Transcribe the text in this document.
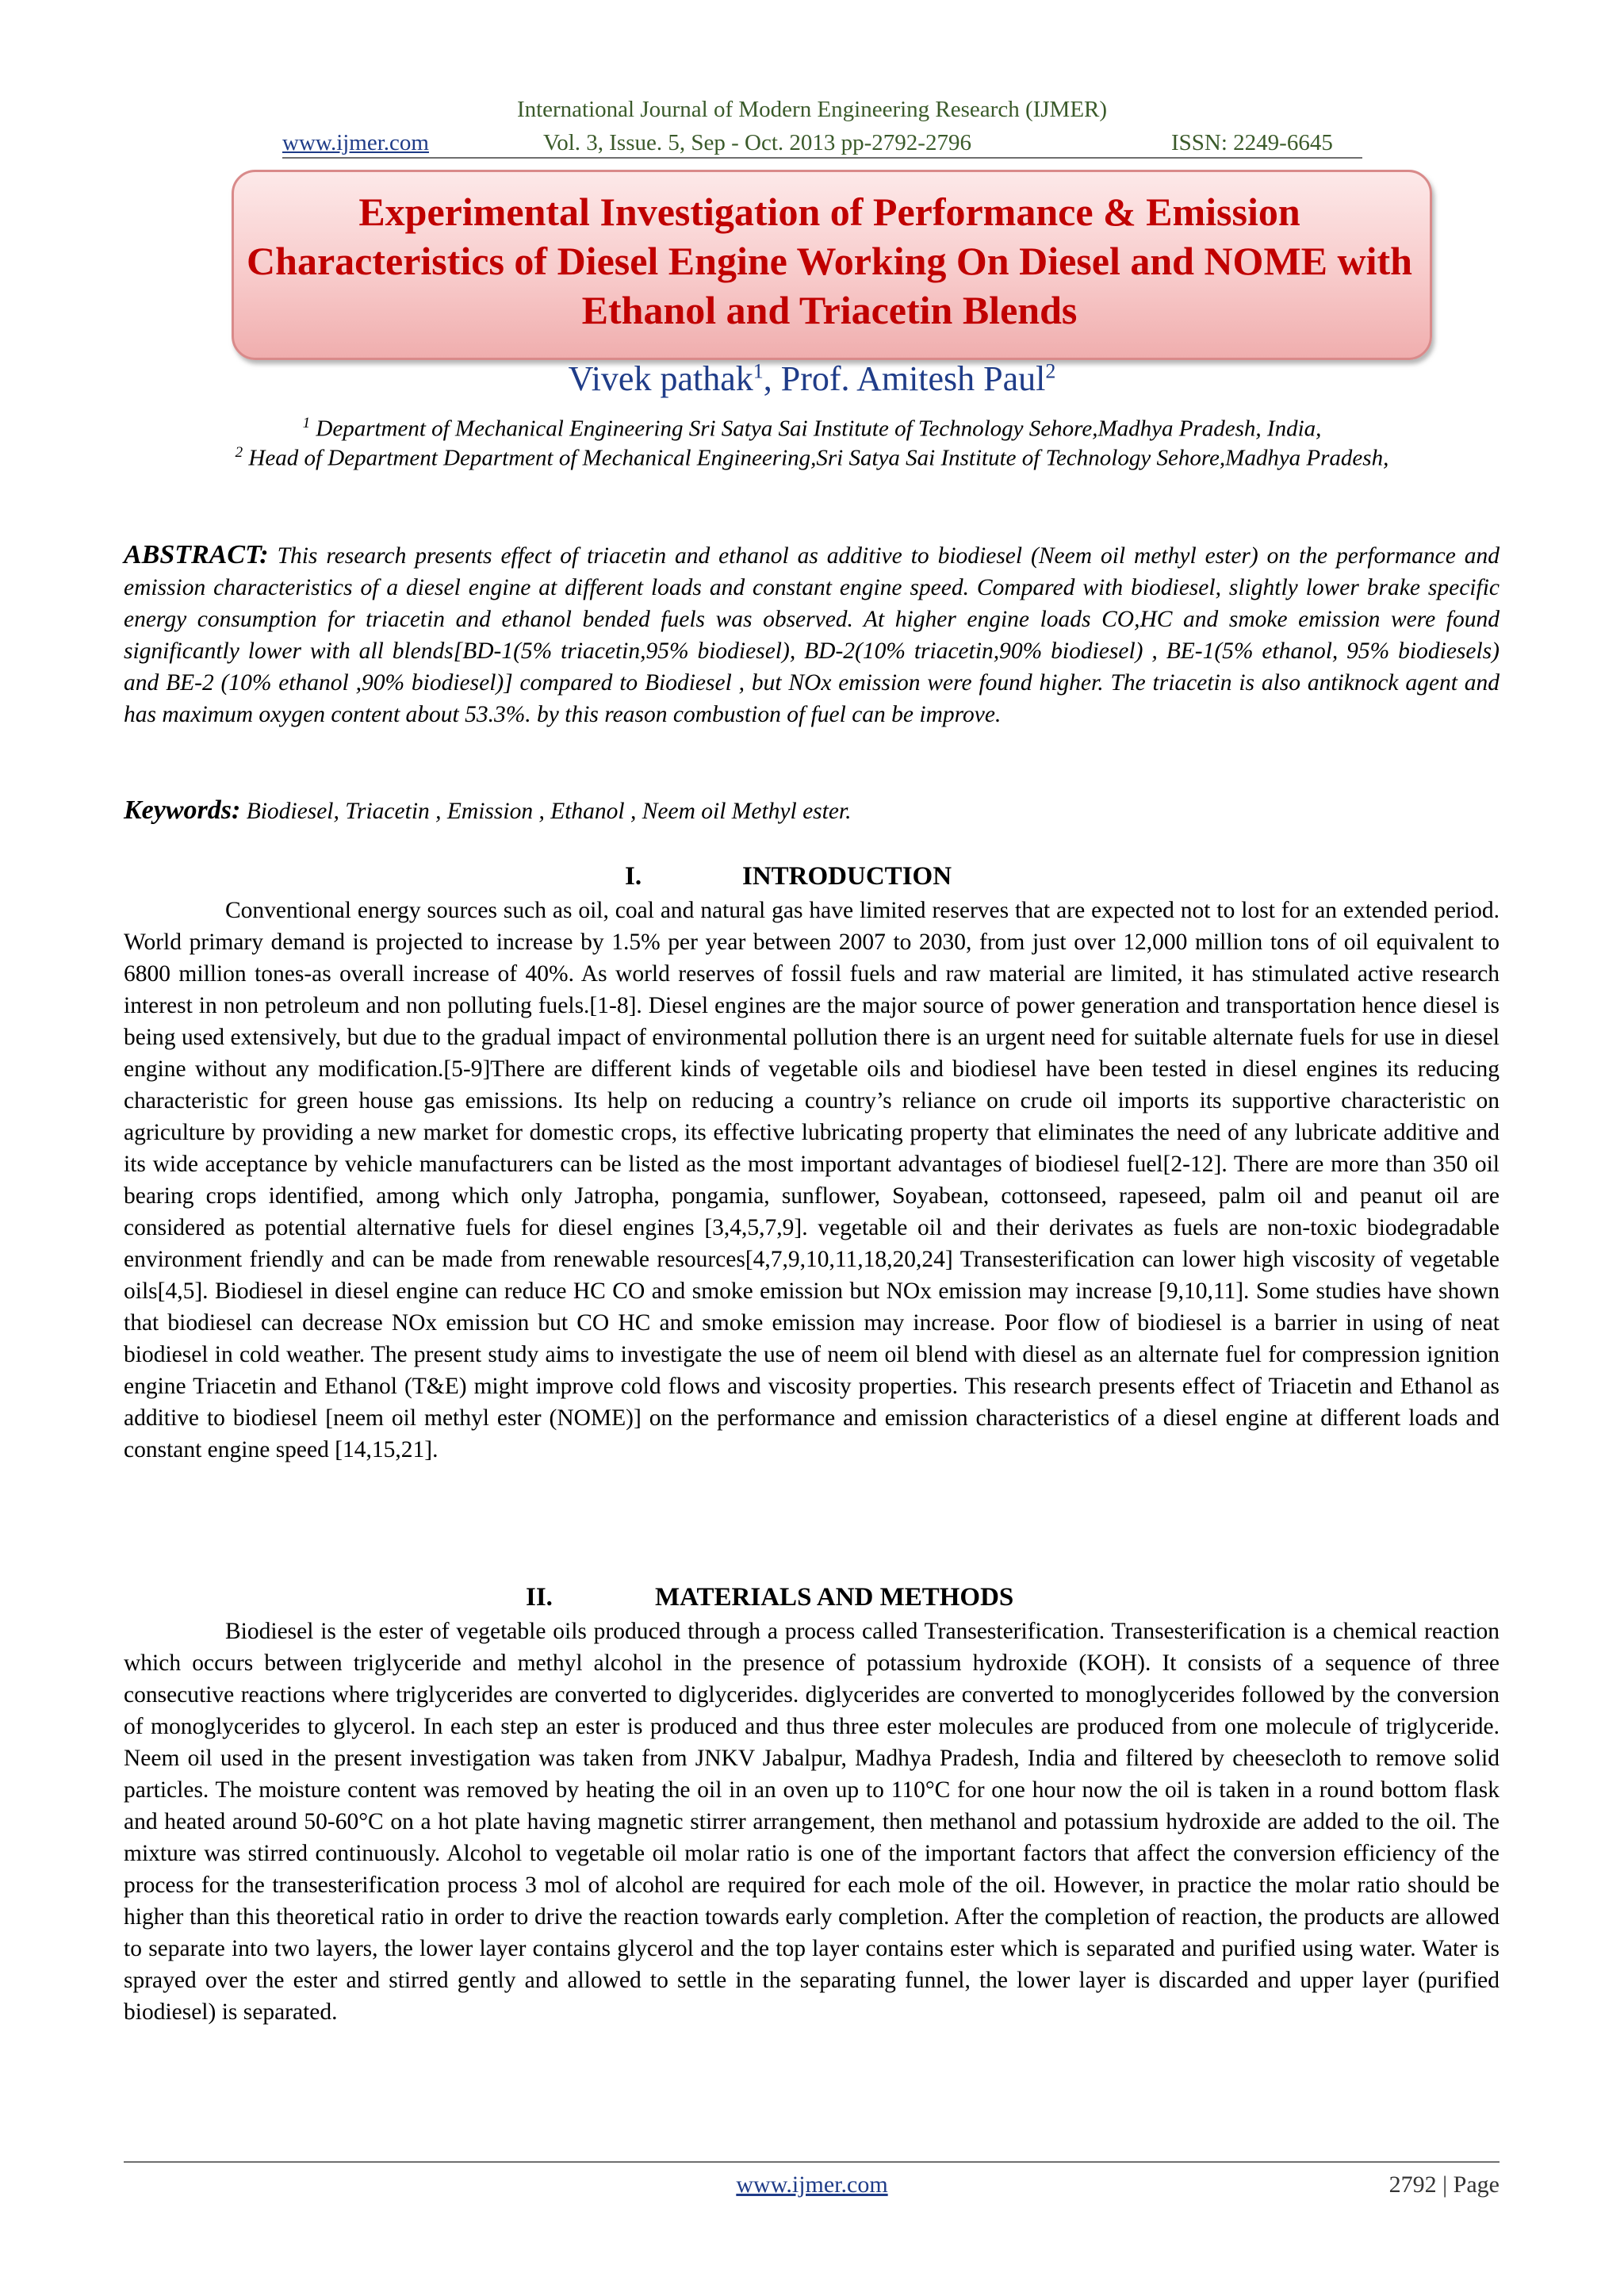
International Journal of Modern Engineering Research (IJMER)
www.ijmer.com	Vol. 3, Issue. 5, Sep - Oct. 2013 pp-2792-2796	ISSN: 2249-6645
Experimental Investigation of Performance & Emission Characteristics of Diesel Engine Working On Diesel and NOME with Ethanol and Triacetin Blends
Vivek pathak$^1$, Prof. Amitesh Paul$^2$
$^1$ Department of Mechanical Engineering Sri Satya Sai Institute of Technology Sehore,Madhya Pradesh, India,
$^2$ Head of Department Department of Mechanical Engineering,Sri Satya Sai Institute of Technology Sehore,Madhya Pradesh,
ABSTRACT: This research presents effect of triacetin and ethanol as additive to biodiesel (Neem oil methyl ester) on the performance and emission characteristics of a diesel engine at different loads and constant engine speed. Compared with biodiesel, slightly lower brake specific energy consumption for triacetin and ethanol bended fuels was observed. At higher engine loads CO,HC and smoke emission were found significantly lower with all blends[BD-1(5% triacetin,95% biodiesel), BD-2(10% triacetin,90% biodiesel) , BE-1(5% ethanol, 95% biodiesels) and BE-2 (10% ethanol ,90% biodiesel)] compared to Biodiesel , but NOx emission were found higher. The triacetin is also antiknock agent and has maximum oxygen content about 53.3%. by this reason combustion of fuel can be improve.
Keywords: Biodiesel, Triacetin , Emission , Ethanol , Neem oil Methyl ester.
I.	INTRODUCTION
Conventional energy sources such as oil, coal and natural gas have limited reserves that are expected not to lost for an extended period. World primary demand is projected to increase by 1.5% per year between 2007 to 2030, from just over 12,000 million tons of oil equivalent to 6800 million tones-as overall increase of 40%. As world reserves of fossil fuels and raw material are limited, it has stimulated active research interest in non petroleum and non polluting fuels.[1-8]. Diesel engines are the major source of power generation and transportation hence diesel is being used extensively, but due to the gradual impact of environmental pollution there is an urgent need for suitable alternate fuels for use in diesel engine without any modification.[5-9]There are different kinds of vegetable oils and biodiesel have been tested in diesel engines its reducing characteristic for green house gas emissions. Its help on reducing a country’s reliance on crude oil imports its supportive characteristic on agriculture by providing a new market for domestic crops, its effective lubricating property that eliminates the need of any lubricate additive and its wide acceptance by vehicle manufacturers can be listed as the most important advantages of biodiesel fuel[2-12]. There are more than 350 oil bearing crops identified, among which only Jatropha, pongamia, sunflower, Soyabean, cottonseed, rapeseed, palm oil and peanut oil are considered as potential alternative fuels for diesel engines [3,4,5,7,9]. vegetable oil and their derivates as fuels are non-toxic biodegradable environment friendly and can be made from renewable resources[4,7,9,10,11,18,20,24] Transesterification can lower high viscosity of vegetable oils[4,5]. Biodiesel in diesel engine can reduce HC CO and smoke emission but NOx emission may increase [9,10,11]. Some studies have shown that biodiesel can decrease NOx emission but CO HC and smoke emission may increase. Poor flow of biodiesel is a barrier in using of neat biodiesel in cold weather. The present study aims to investigate the use of neem oil blend with diesel as an alternate fuel for compression ignition engine Triacetin and Ethanol (T&E) might improve cold flows and viscosity properties. This research presents effect of Triacetin and Ethanol as additive to biodiesel [neem oil methyl ester (NOME)] on the performance and emission characteristics of a diesel engine at different loads and constant engine speed [14,15,21].
II.	MATERIALS AND METHODS
Biodiesel is the ester of vegetable oils produced through a process called Transesterification. Transesterification is a chemical reaction which occurs between triglyceride and methyl alcohol in the presence of potassium hydroxide (KOH). It consists of a sequence of three consecutive reactions where triglycerides are converted to diglycerides. diglycerides are converted to monoglycerides followed by the conversion of monoglycerides to glycerol. In each step an ester is produced and thus three ester molecules are produced from one molecule of triglyceride. Neem oil used in the present investigation was taken from JNKV Jabalpur, Madhya Pradesh, India and filtered by cheesecloth to remove solid particles. The moisture content was removed by heating the oil in an oven up to 110°C for one hour now the oil is taken in a round bottom flask and heated around 50-60°C on a hot plate having magnetic stirrer arrangement, then methanol and potassium hydroxide are added to the oil. The mixture was stirred continuously. Alcohol to vegetable oil molar ratio is one of the important factors that affect the conversion efficiency of the process for the transesterification process 3 mol of alcohol are required for each mole of the oil. However, in practice the molar ratio should be higher than this theoretical ratio in order to drive the reaction towards early completion. After the completion of reaction, the products are allowed to separate into two layers, the lower layer contains glycerol and the top layer contains ester which is separated and purified using water. Water is sprayed over the ester and stirred gently and allowed to settle in the separating funnel, the lower layer is discarded and upper layer (purified biodiesel) is separated.
www.ijmer.com	2792 | Page
